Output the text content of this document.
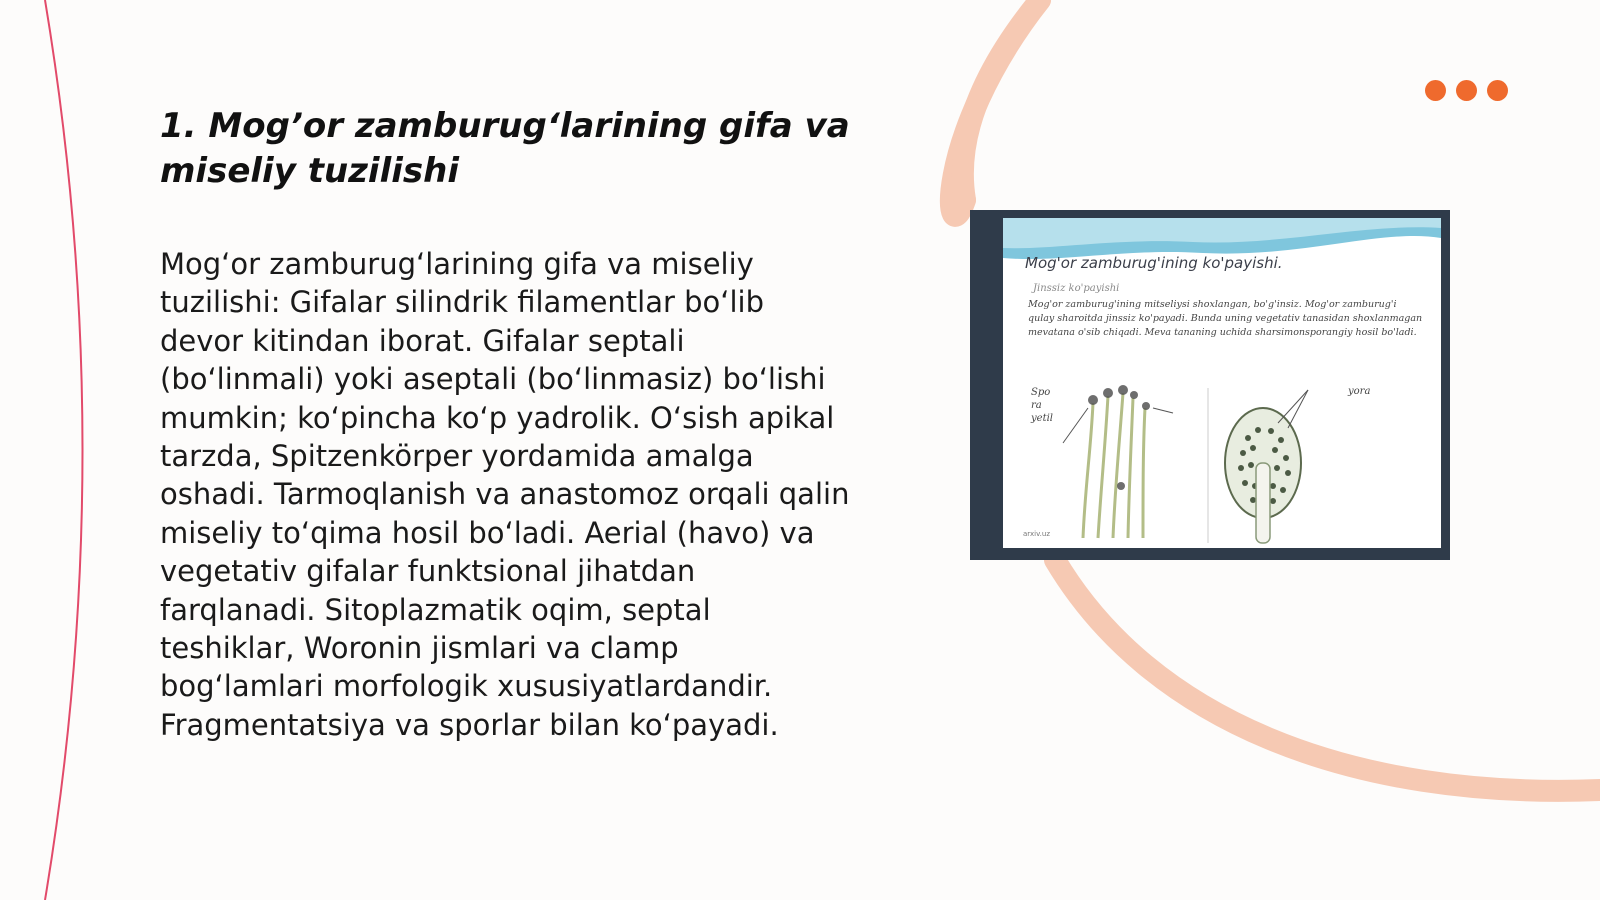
1. Mog’or zamburug‘larining gifa va miseliy tuzilishi

Mog‘or zamburug‘larining gifa va miseliy tuzilishi: Gifalar silindrik filamentlar bo‘lib devor kitindan iborat. Gifalar septali (bo‘linmali) yoki aseptali (bo‘linmasiz) bo‘lishi mumkin; ko‘pincha ko‘p yadrolik. O‘sish apikal tarzda, Spitzenkörper yordamida amalga oshadi. Tarmoqlanish va anastomoz orqali qalin miseliy to‘qima hosil bo‘ladi. Aerial (havo) va vegetativ gifalar funktsional jihatdan farqlanadi. Sitoplazmatik oqim, septal teshiklar, Woronin jismlari va clamp bog‘lamlari morfologik xususiyatlardandir. Fragmentatsiya va sporlar bilan ko‘payadi.

Mog'or zamburug'ining ko'payishi.
Jinssiz ko'payishi
Mog'or zamburug'ining mitseliysi shoxlangan, bo'g'insiz. Mog'or zamburug'i
qulay sharoitda jinssiz ko'payadi. Bunda uning vegetativ tanasidan shoxlanmagan
mevatana o'sib chiqadi. Meva tananing uchida sharsimonsporangiy hosil bo'ladi.
Spo ra yetil
yora
arxiv.uz
